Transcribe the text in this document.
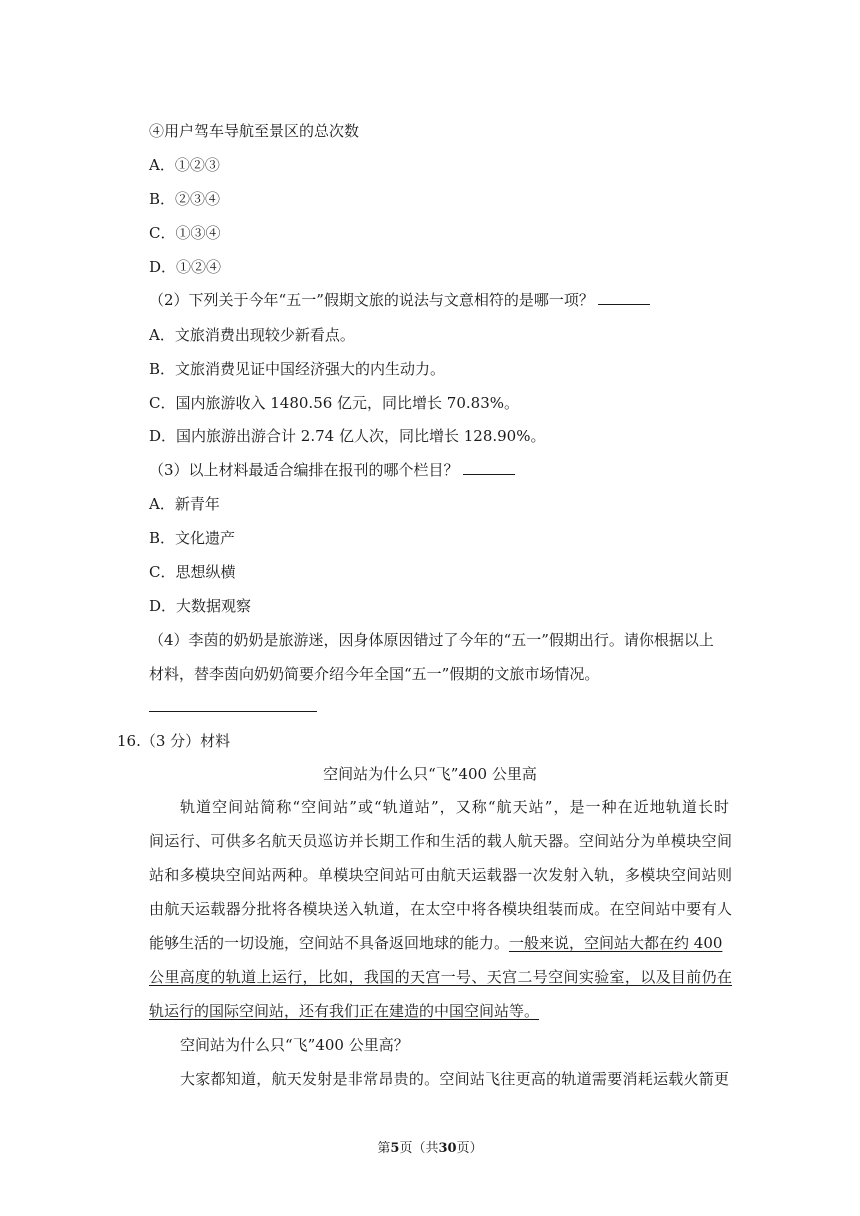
④用户驾车导航至景区的总次数
A．①②③
B．②③④
C．①③④
D．①②④
（2）下列关于今年“五一”假期文旅的说法与文意相符的是哪一项？
A．文旅消费出现较少新看点。
B．文旅消费见证中国经济强大的内生动力。
C．国内旅游收入 1480.56 亿元，同比增长 70.83%。
D．国内旅游出游合计 2.74 亿人次，同比增长 128.90%。
（3）以上材料最适合编排在报刊的哪个栏目？
A．新青年
B．文化遗产
C．思想纵横
D．大数据观察
（4）李茵的奶奶是旅游迷，因身体原因错过了今年的“五一”假期出行。请你根据以上
材料，替李茵向奶奶简要介绍今年全国“五一”假期的文旅市场情况。
16.（3 分）材料
空间站为什么只“飞”400 公里高
轨道空间站简称“空间站”或“轨道站”，又称“航天站”，是一种在近地轨道长时
间运行、可供多名航天员巡访并长期工作和生活的载人航天器。空间站分为单模块空间
站和多模块空间站两种。单模块空间站可由航天运载器一次发射入轨，多模块空间站则
由航天运载器分批将各模块送入轨道，在太空中将各模块组装而成。在空间站中要有人
能够生活的一切设施，空间站不具备返回地球的能力。一般来说，空间站大都在约 400
公里高度的轨道上运行，比如，我国的天宫一号、天宫二号空间实验室，以及目前仍在
轨运行的国际空间站，还有我们正在建造的中国空间站等。
空间站为什么只“飞”400 公里高？
大家都知道，航天发射是非常昂贵的。空间站飞往更高的轨道需要消耗运载火箭更
第5页（共30页）
